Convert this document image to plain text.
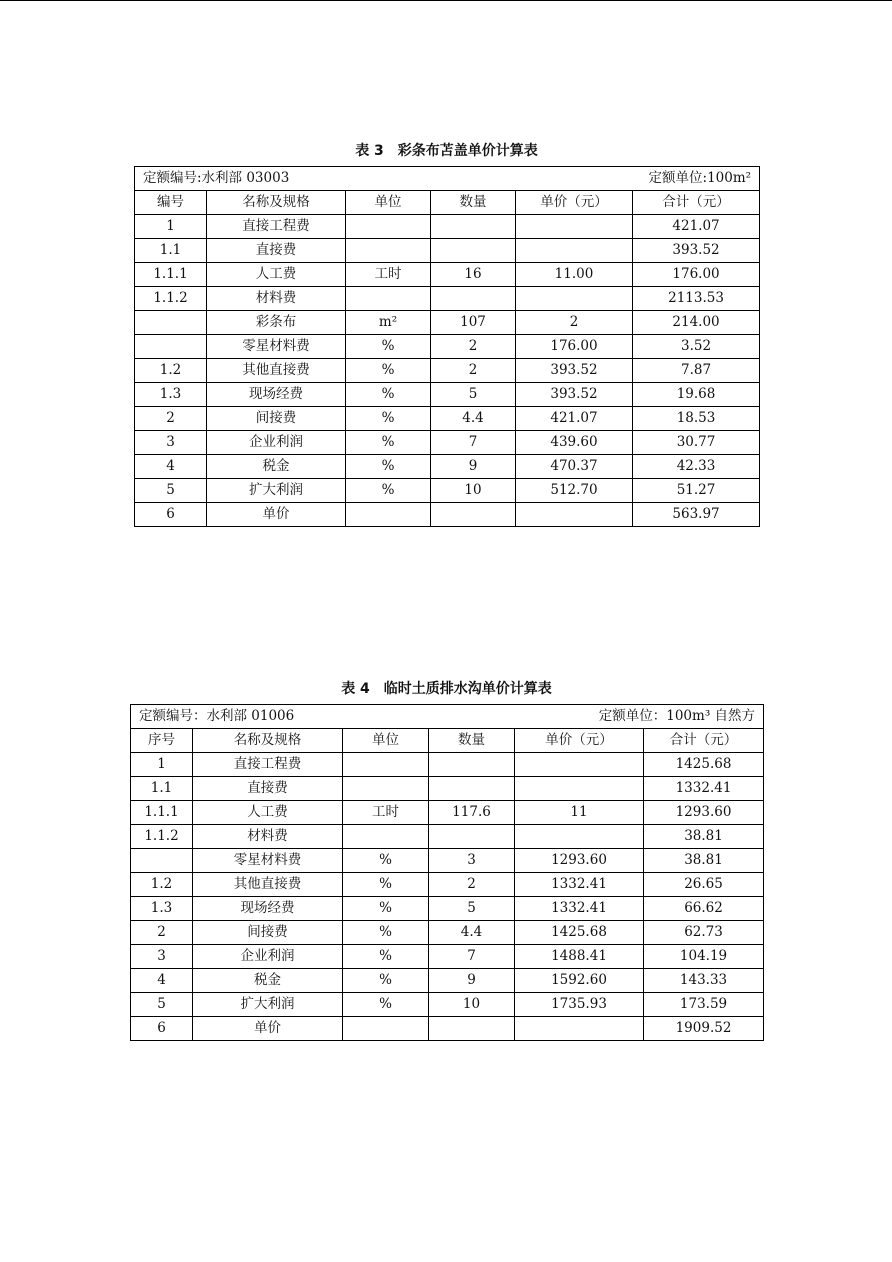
表 3　彩条布苫盖单价计算表
定额编号:水利部 03003 定额单位:100m²					

编号	名称及规格	单位	数量	单价（元）	合计（元）
1	直接工程费				421.07
1.1	直接费				393.52
1.1.1	人工费	工时	16	11.00	176.00
1.1.2	材料费				2113.53
	彩条布	m²	107	2	214.00
	零星材料费	%	2	176.00	3.52
1.2	其他直接费	%	2	393.52	7.87
1.3	现场经费	%	5	393.52	19.68
2	间接费	%	4.4	421.07	18.53
3	企业利润	%	7	439.60	30.77
4	税金	%	9	470.37	42.33
5	扩大利润	%	10	512.70	51.27
6	单价				563.97
表 4　临时土质排水沟单价计算表
定额编号：水利部 01006 定额单位：100m³ 自然方					

序号	名称及规格	单位	数量	单价（元）	合计（元）
1	直接工程费				1425.68
1.1	直接费				1332.41
1.1.1	人工费	工时	117.6	11	1293.60
1.1.2	材料费				38.81
	零星材料费	%	3	1293.60	38.81
1.2	其他直接费	%	2	1332.41	26.65
1.3	现场经费	%	5	1332.41	66.62
2	间接费	%	4.4	1425.68	62.73
3	企业利润	%	7	1488.41	104.19
4	税金	%	9	1592.60	143.33
5	扩大利润	%	10	1735.93	173.59
6	单价				1909.52
